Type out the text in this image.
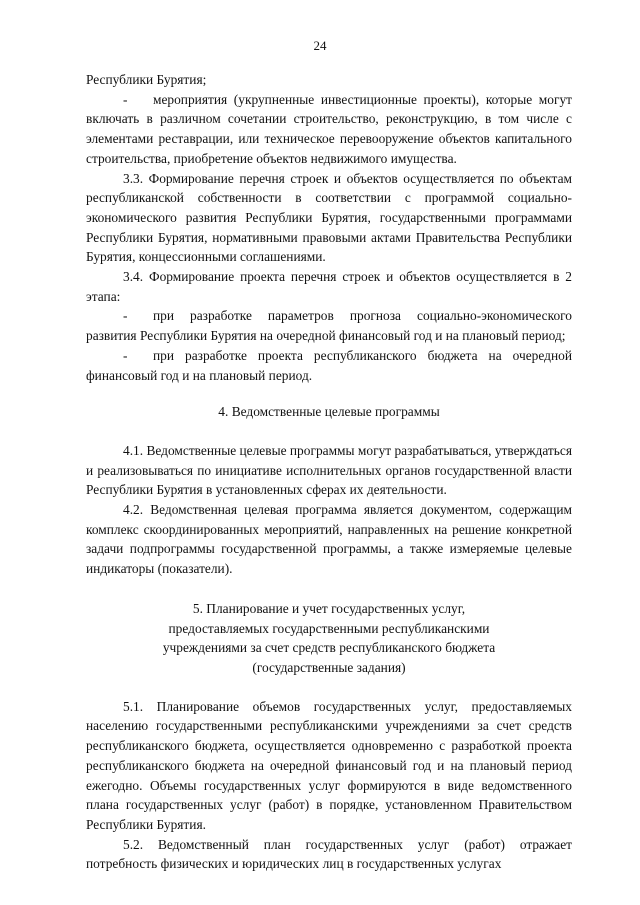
24

Республики Бурятия;

- мероприятия (укрупненные инвестиционные проекты), которые могут включать в различном сочетании строительство, реконструкцию, в том числе с элементами реставрации, или техническое перевооружение объектов капитального строительства, приобретение объектов недвижимого имущества.

3.3. Формирование перечня строек и объектов осуществляется по объектам республиканской собственности в соответствии с программой социально-экономического развития Республики Бурятия, государственными программами Республики Бурятия, нормативными правовыми актами Правительства Республики Бурятия, концессионными соглашениями.

3.4. Формирование проекта перечня строек и объектов осуществляется в 2 этапа:

- при разработке параметров прогноза социально-экономического развития Республики Бурятия на очередной финансовый год и на плановый период;

- при разработке проекта республиканского бюджета на очередной финансовый год и на плановый период.

4. Ведомственные целевые программы

4.1. Ведомственные целевые программы могут разрабатываться, утверждаться и реализовываться по инициативе исполнительных органов государственной власти Республики Бурятия в установленных сферах их деятельности.

4.2. Ведомственная целевая программа является документом, содержащим комплекс скоординированных мероприятий, направленных на решение конкретной задачи подпрограммы государственной программы, а также измеряемые целевые индикаторы (показатели).

5. Планирование и учет государственных услуг,
предоставляемых государственными республиканскими
учреждениями за счет средств республиканского бюджета
(государственные задания)

5.1. Планирование объемов государственных услуг, предоставляемых населению государственными республиканскими учреждениями за счет средств республиканского бюджета, осуществляется одновременно с разработкой проекта республиканского бюджета на очередной финансовый год и на плановый период ежегодно. Объемы государственных услуг формируются в виде ведомственного плана государственных услуг (работ) в порядке, установленном Правительством Республики Бурятия.

5.2. Ведомственный план государственных услуг (работ) отражает потребность физических и юридических лиц в государственных услугах
